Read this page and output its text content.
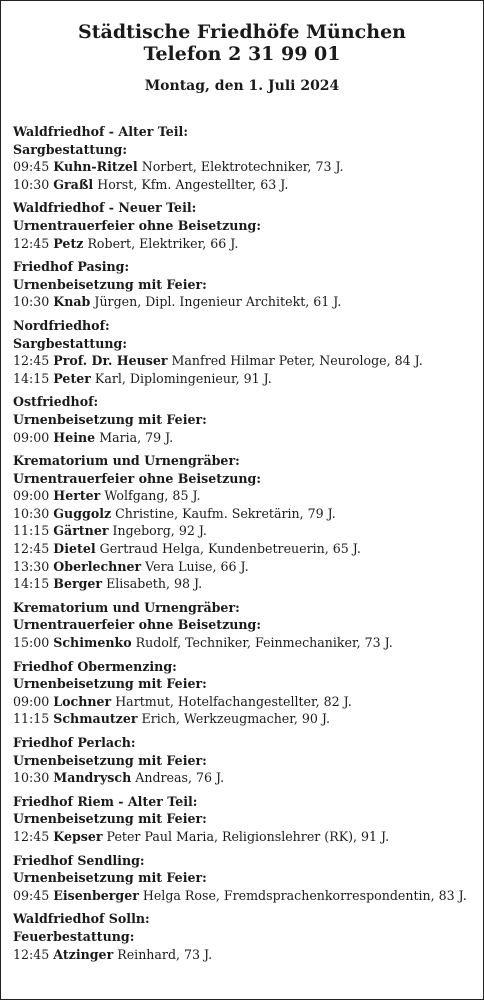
Städtische Friedhöfe München
Telefon 2 31 99 01
Montag, den 1. Juli 2024
Waldfriedhof - Alter Teil:
Sargbestattung:
09:45 Kuhn-Ritzel Norbert, Elektrotechniker, 73 J.
10:30 Graßl Horst, Kfm. Angestellter, 63 J.
Waldfriedhof - Neuer Teil:
Urnentrauerfeier ohne Beisetzung:
12:45 Petz Robert, Elektriker, 66 J.
Friedhof Pasing:
Urnenbeisetzung mit Feier:
10:30 Knab Jürgen, Dipl. Ingenieur Architekt, 61 J.
Nordfriedhof:
Sargbestattung:
12:45 Prof. Dr. Heuser Manfred Hilmar Peter, Neurologe, 84 J.
14:15 Peter Karl, Diplomingenieur, 91 J.
Ostfriedhof:
Urnenbeisetzung mit Feier:
09:00 Heine Maria, 79 J.
Krematorium und Urnengräber:
Urnentrauerfeier ohne Beisetzung:
09:00 Herter Wolfgang, 85 J.
10:30 Guggolz Christine, Kaufm. Sekretärin, 79 J.
11:15 Gärtner Ingeborg, 92 J.
12:45 Dietel Gertraud Helga, Kundenbetreuerin, 65 J.
13:30 Oberlechner Vera Luise, 66 J.
14:15 Berger Elisabeth, 98 J.
Krematorium und Urnengräber:
Urnentrauerfeier ohne Beisetzung:
15:00 Schimenko Rudolf, Techniker, Feinmechaniker, 73 J.
Friedhof Obermenzing:
Urnenbeisetzung mit Feier:
09:00 Lochner Hartmut, Hotelfachangestellter, 82 J.
11:15 Schmautzer Erich, Werkzeugmacher, 90 J.
Friedhof Perlach:
Urnenbeisetzung mit Feier:
10:30 Mandrysch Andreas, 76 J.
Friedhof Riem - Alter Teil:
Urnenbeisetzung mit Feier:
12:45 Kepser Peter Paul Maria, Religionslehrer (RK), 91 J.
Friedhof Sendling:
Urnenbeisetzung mit Feier:
09:45 Eisenberger Helga Rose, Fremdsprachenkorrespondentin, 83 J.
Waldfriedhof Solln:
Feuerbestattung:
12:45 Atzinger Reinhard, 73 J.
